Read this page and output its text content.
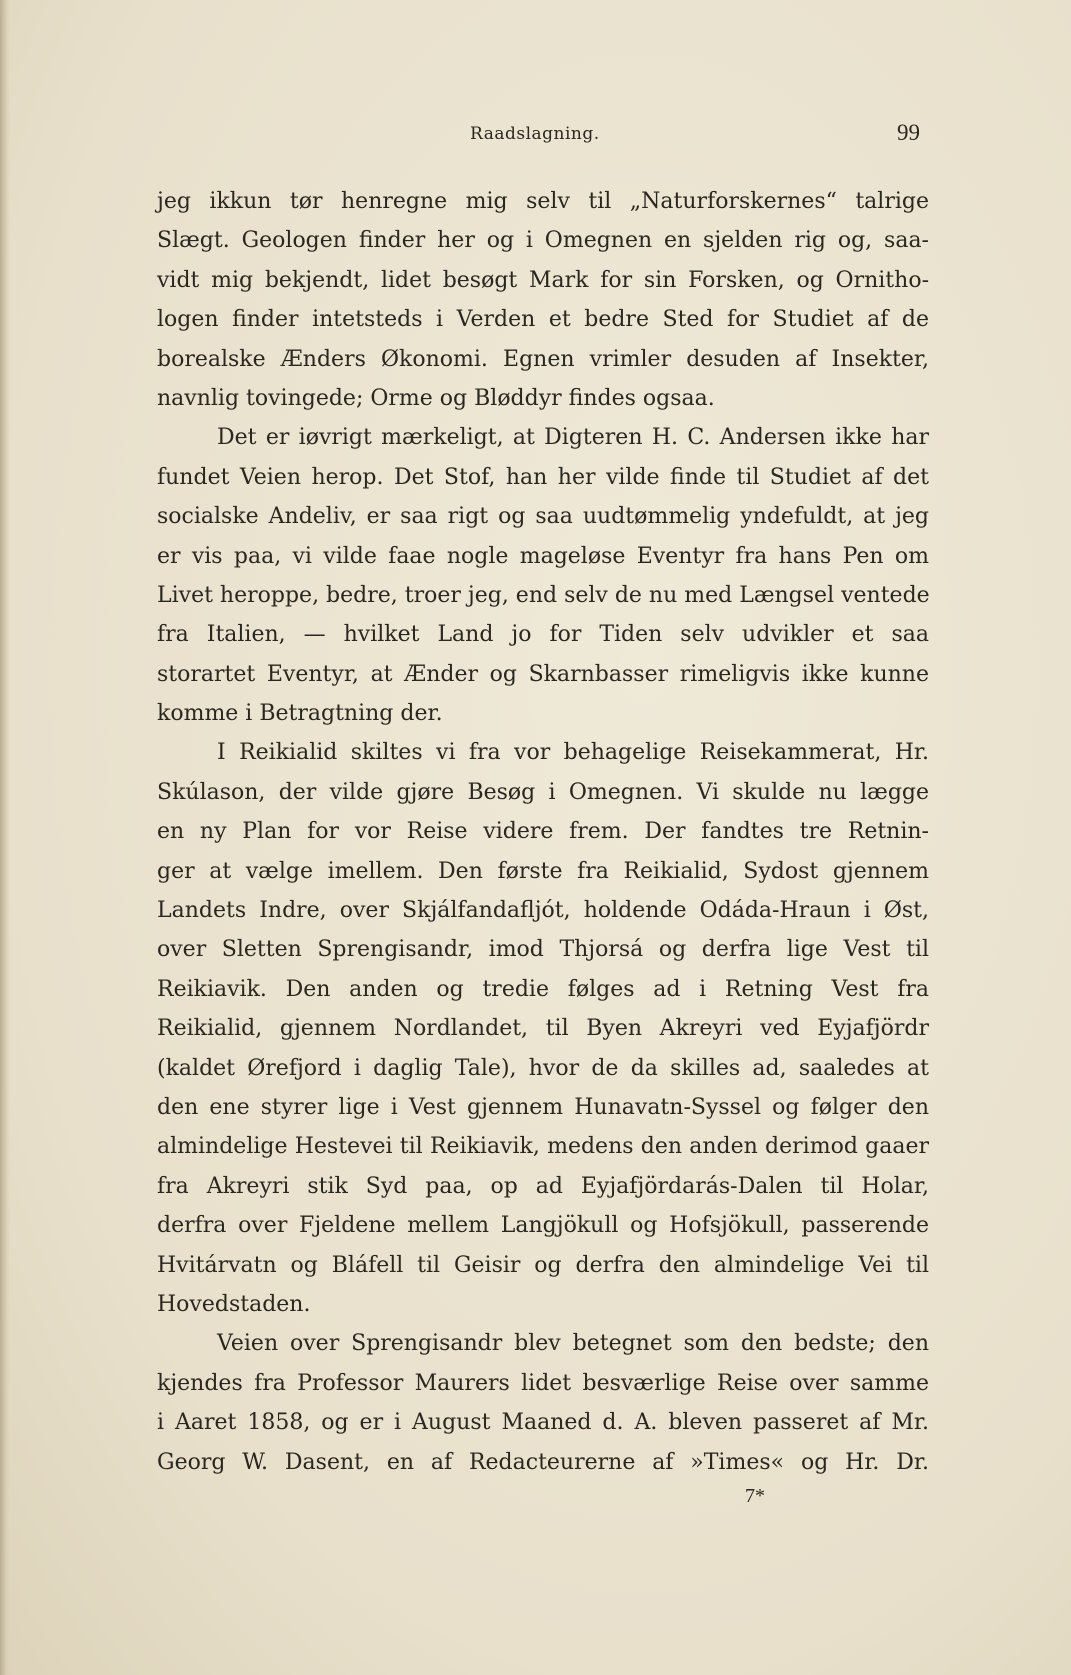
Raadslagning.	99
jeg ikkun tør henregne mig selv til „Naturforskernes“ talrige
Slægt. Geologen finder her og i Omegnen en sjelden rig og, saa-
vidt mig bekjendt, lidet besøgt Mark for sin Forsken, og Ornitho-
logen finder intetsteds i Verden et bedre Sted for Studiet af de
borealske Ænders Økonomi. Egnen vrimler desuden af Insekter,
navnlig tovingede; Orme og Bløddyr findes ogsaa.
Det er iøvrigt mærkeligt, at Digteren H. C. Andersen ikke har
fundet Veien herop. Det Stof, han her vilde finde til Studiet af det
socialske Andeliv, er saa rigt og saa uudtømmelig yndefuldt, at jeg
er vis paa, vi vilde faae nogle mageløse Eventyr fra hans Pen om
Livet heroppe, bedre, troer jeg, end selv de nu med Længsel ventede
fra Italien, — hvilket Land jo for Tiden selv udvikler et saa
storartet Eventyr, at Ænder og Skarnbasser rimeligvis ikke kunne
komme i Betragtning der.
I Reikialid skiltes vi fra vor behagelige Reisekammerat, Hr.
Skúlason, der vilde gjøre Besøg i Omegnen. Vi skulde nu lægge
en ny Plan for vor Reise videre frem. Der fandtes tre Retnin-
ger at vælge imellem. Den første fra Reikialid, Sydost gjennem
Landets Indre, over Skjálfandafljót, holdende Odáda-Hraun i Øst,
over Sletten Sprengisandr, imod Thjorsá og derfra lige Vest til
Reikiavik. Den anden og tredie følges ad i Retning Vest fra
Reikialid, gjennem Nordlandet, til Byen Akreyri ved Eyjafjördr
(kaldet Ørefjord i daglig Tale), hvor de da skilles ad, saaledes at
den ene styrer lige i Vest gjennem Hunavatn-Syssel og følger den
almindelige Hestevei til Reikiavik, medens den anden derimod gaaer
fra Akreyri stik Syd paa, op ad Eyjafjördarás-Dalen til Holar,
derfra over Fjeldene mellem Langjökull og Hofsjökull, passerende
Hvitárvatn og Bláfell til Geisir og derfra den almindelige Vei til
Hovedstaden.
Veien over Sprengisandr blev betegnet som den bedste; den
kjendes fra Professor Maurers lidet besværlige Reise over samme
i Aaret 1858, og er i August Maaned d. A. bleven passeret af Mr.
Georg W. Dasent, en af Redacteurerne af »Times« og Hr. Dr.
7*
